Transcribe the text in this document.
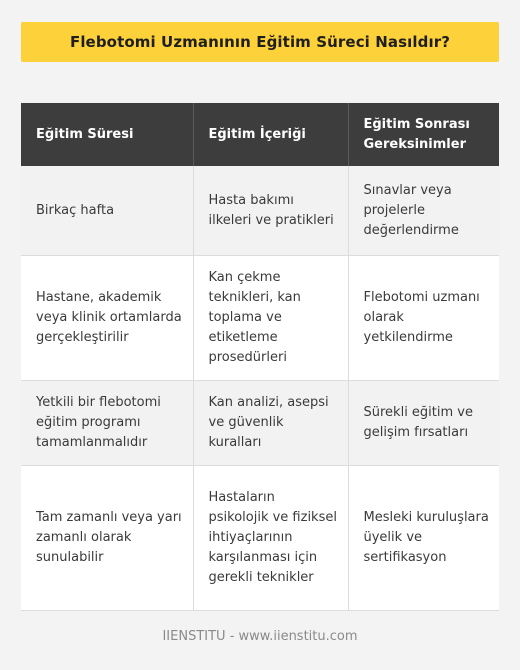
Flebotomi Uzmanının Eğitim Süreci Nasıldır?
Eğitim Süresi	Eğitim İçeriği	Eğitim Sonrası Gereksinimler
Birkaç hafta	Hasta bakımı ilkeleri ve pratikleri	Sınavlar veya projelerle değerlendirme
Hastane, akademik veya klinik ortamlarda gerçekleştirilir	Kan çekme teknikleri, kan toplama ve etiketleme prosedürleri	Flebotomi uzmanı olarak yetkilendirme
Yetkili bir flebotomi eğitim programı tamamlanmalıdır	Kan analizi, asepsi ve güvenlik kuralları	Sürekli eğitim ve gelişim fırsatları
Tam zamanlı veya yarı zamanlı olarak sunulabilir	Hastaların psikolojik ve fiziksel ihtiyaçlarının karşılanması için gerekli teknikler	Mesleki kuruluşlara üyelik ve sertifikasyon
IIENSTITU - www.iienstitu.com
